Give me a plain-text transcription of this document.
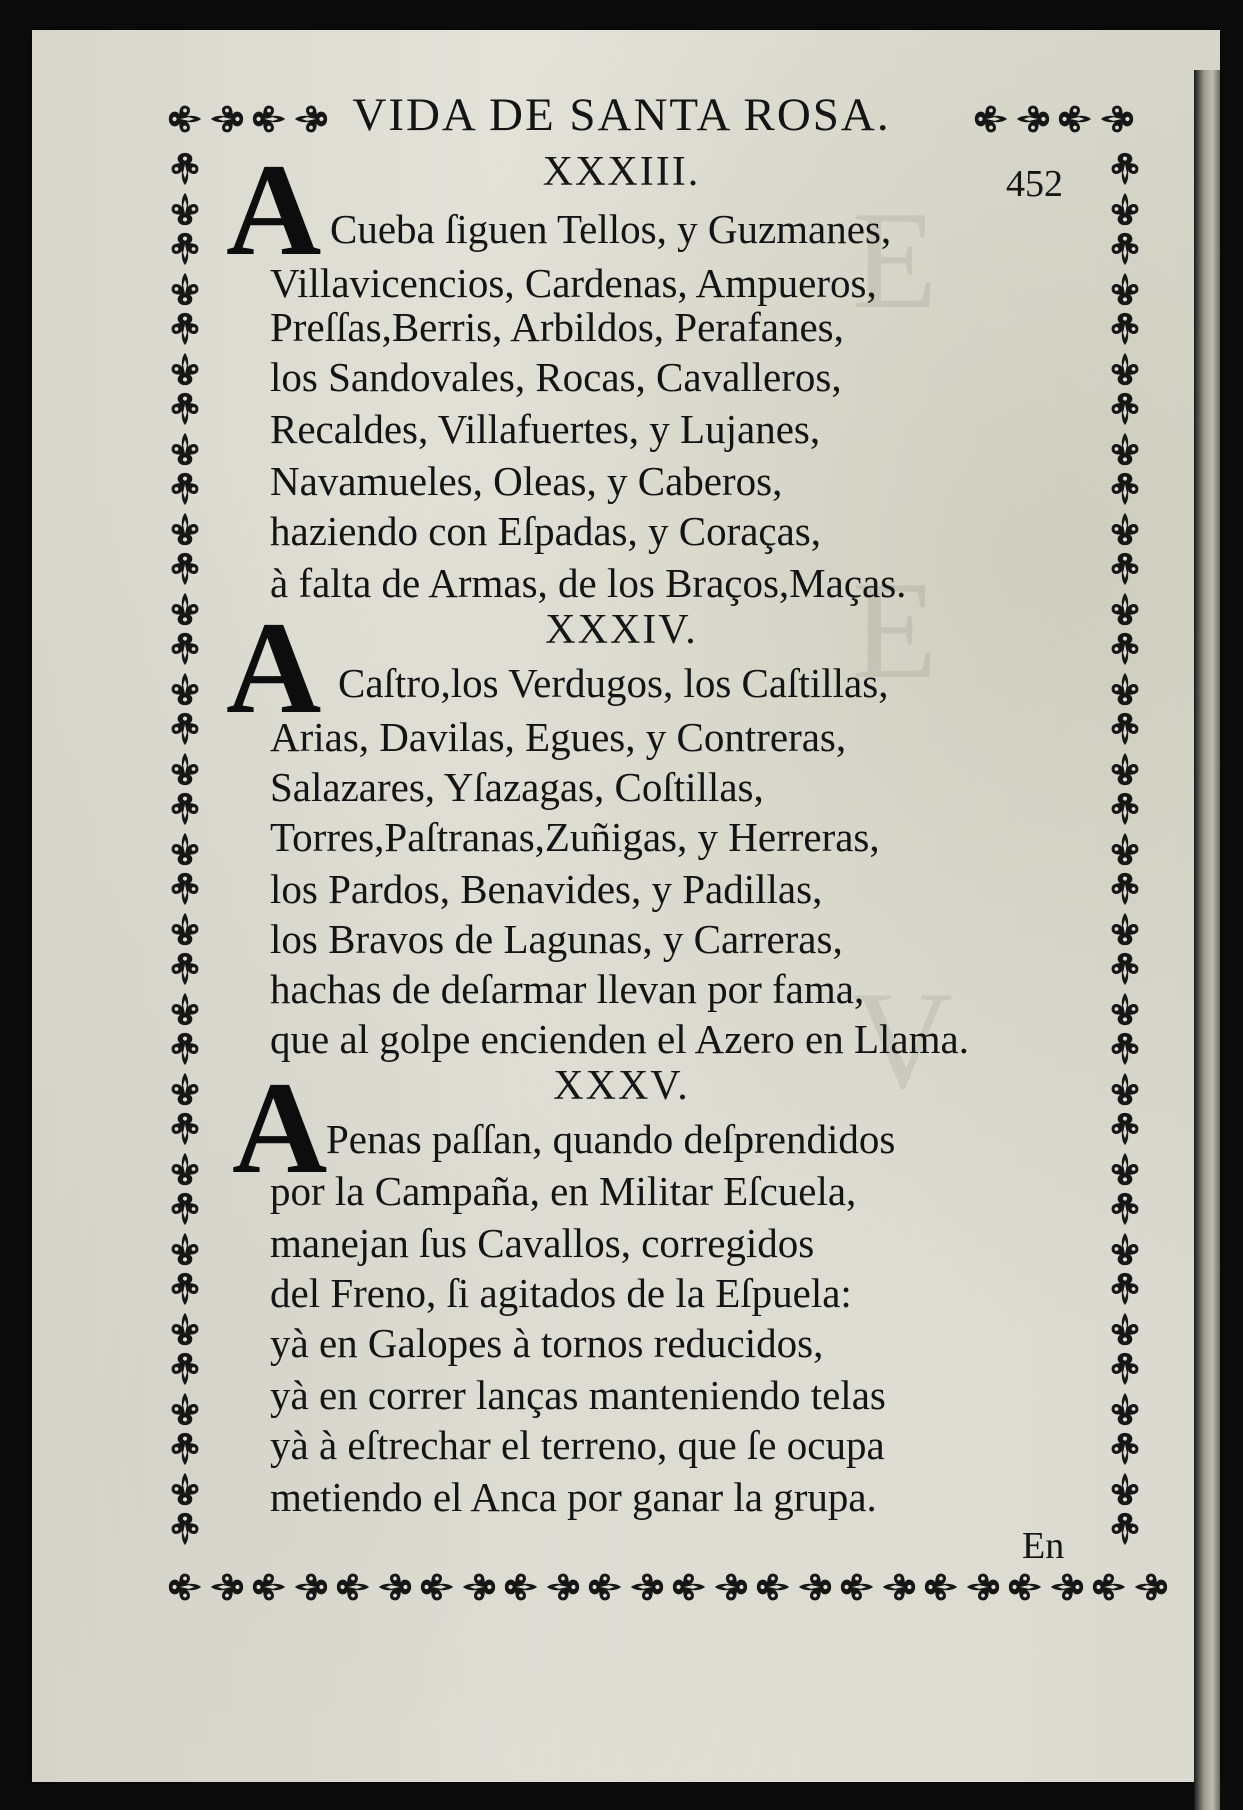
E
E
V
VIDA DE SANTA ROSA.
452
XXXIII.
A Cueba ſiguen Tellos, y Guzmanes,
Villavicencios, Cardenas, Ampueros,
Preſſas,Berris, Arbildos, Perafanes,
los Sandovales, Rocas, Cavalleros,
Recaldes, Villafuertes, y Lujanes,
Navamueles, Oleas, y Caberos,
haziendo con Eſpadas, y Coraças,
à falta de Armas, de los Braços,Maças.
XXXIV.
A Caſtro,los Verdugos, los Caſtillas,
Arias, Davilas, Egues, y Contreras,
Salazares, Yſazagas, Coſtillas,
Torres,Paſtranas,Zuñigas, y Herreras,
los Pardos, Benavides, y Padillas,
los Bravos de Lagunas, y Carreras,
hachas de deſarmar llevan por fama,
que al golpe encienden el Azero en Llama.
XXXV.
A
Penas paſſan, quando deſprendidos
por la Campaña, en Militar Eſcuela,
manejan ſus Cavallos, corregidos
del Freno, ſi agitados de la Eſpuela:
yà en Galopes à tornos reducidos,
yà en correr lanças manteniendo telas
yà à eſtrechar el terreno, que ſe ocupa
metiendo el Anca por ganar la grupa.
En
